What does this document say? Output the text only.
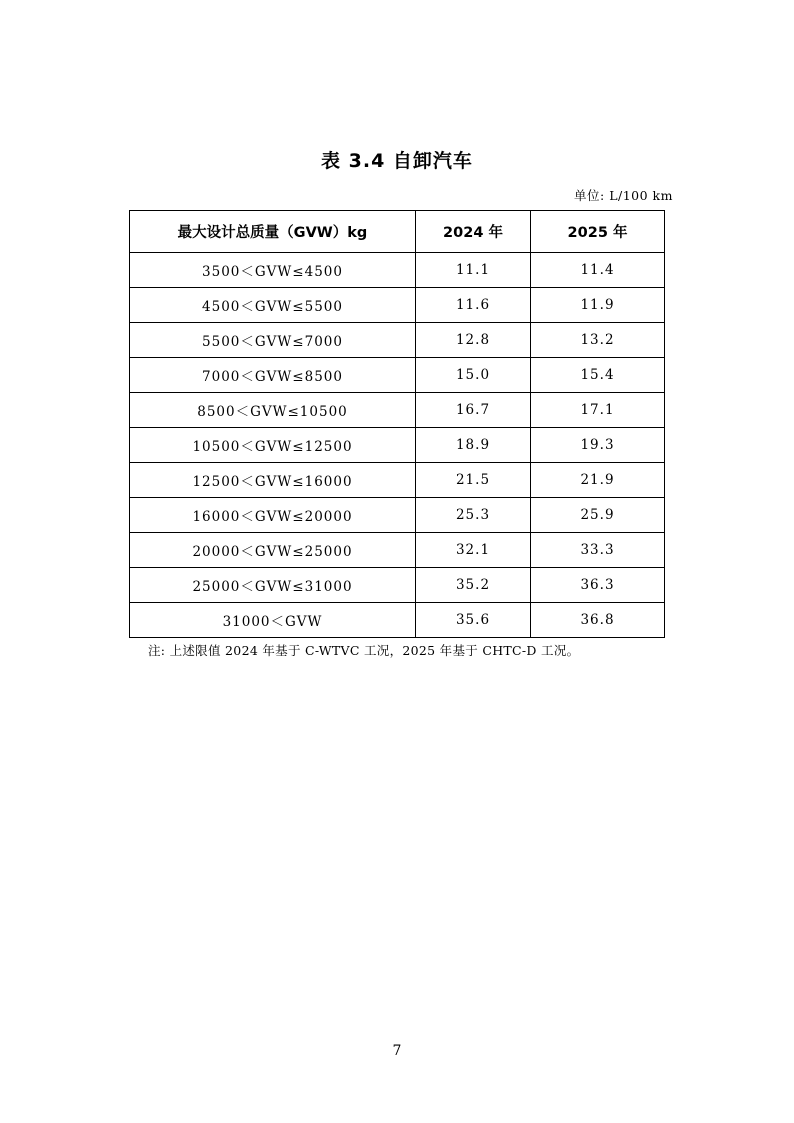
表 3.4 自卸汽车
单位: L/100 km
最大设计总质量（GVW）kg	2024 年	2025 年
3500＜GVW≤4500	11.1	11.4
4500＜GVW≤5500	11.6	11.9
5500＜GVW≤7000	12.8	13.2
7000＜GVW≤8500	15.0	15.4
8500＜GVW≤10500	16.7	17.1
10500＜GVW≤12500	18.9	19.3
12500＜GVW≤16000	21.5	21.9
16000＜GVW≤20000	25.3	25.9
20000＜GVW≤25000	32.1	33.3
25000＜GVW≤31000	35.2	36.3
31000＜GVW	35.6	36.8
注: 上述限值 2024 年基于 C-WTVC 工况，2025 年基于 CHTC-D 工况。
7
